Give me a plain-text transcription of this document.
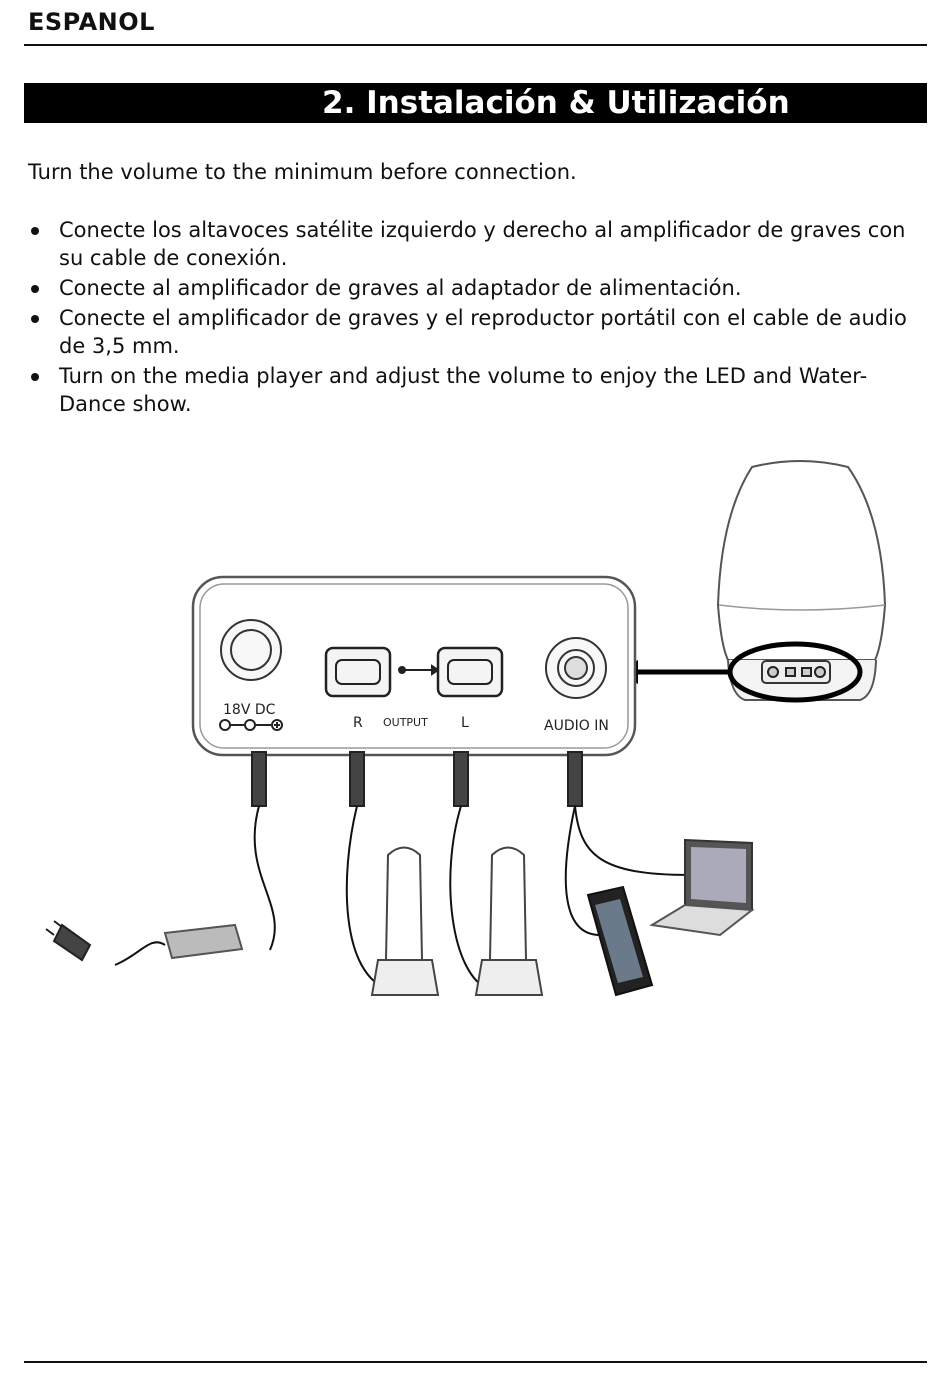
ESPANOL
2. Instalación & Utilización

Turn the volume to the minimum before connection.

Conecte los altavoces satélite izquierdo y derecho al amplificador de graves con su cable de conexión.
Conecte al amplificador de graves al adaptador de alimentación.
Conecte el amplificador de graves y el reproductor portátil con el cable de audio de 3,5 mm.
Turn on the media player and adjust the volume to enjoy the LED and Water-Dance show.
18V DC
R OUTPUT L	AUDIO IN
